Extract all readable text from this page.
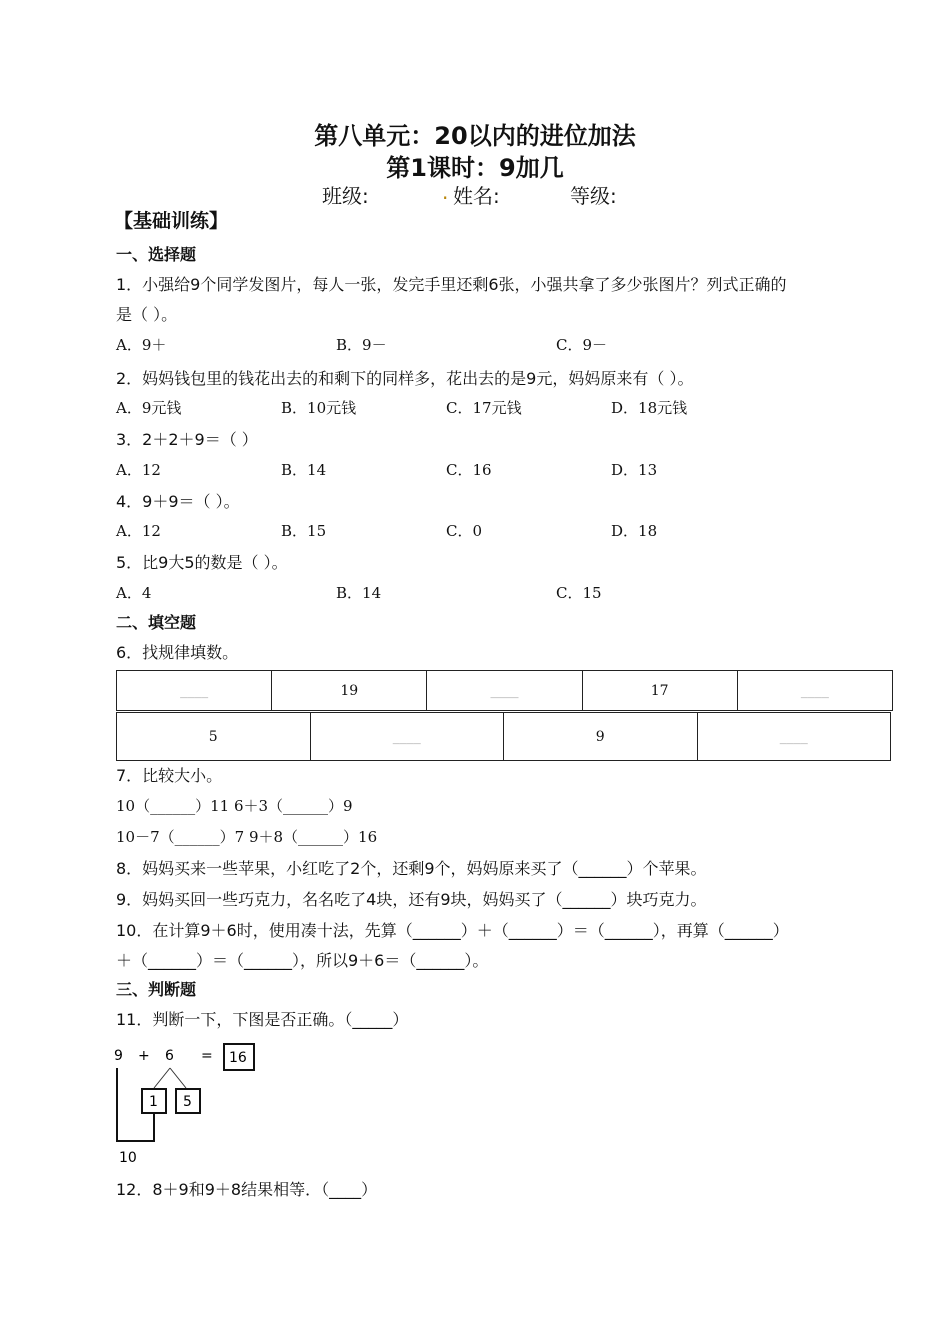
第八单元：20以内的进位加法
第1课时：9加几
班级:	. 姓名:	等级:
【基础训练】
一、选择题
1．小强给9个同学发图片，每人一张，发完手里还剩6张，小强共拿了多少张图片？列式正确的
是（ ）。
A．9＋	B．9－	C．9－
2．妈妈钱包里的钱花出去的和剩下的同样多，花出去的是9元，妈妈原来有（ ）。
A．9元钱	B．10元钱	C．17元钱	D．18元钱
3．2＋2＋9＝（ ）
A．12	B．14	C．16	D．13
4．9＋9＝（ ）。
A．12	B．15	C．0	D．18
5．比9大5的数是（ ）。
A．4	B．14	C．15
二、填空题
6．找规律填数。
____	19	____	17	____
5	____	9	____
7．比较大小。
10（______）11 6＋3（______）9
10－7（______）7 9＋8（______）16
8．妈妈买来一些苹果，小红吃了2个，还剩9个，妈妈原来买了（______）个苹果。
9．妈妈买回一些巧克力，名名吃了4块，还有9块，妈妈买了（______）块巧克力。
10．在计算9＋6时，使用凑十法，先算（______）＋（______）＝（______），再算（______）
＋（______）＝（______），所以9＋6＝（______）。
三、判断题
11．判断一下，下图是否正确。（_____）
9 + 6 = 16
1 5
10
12．8＋9和9＋8结果相等．（____）
